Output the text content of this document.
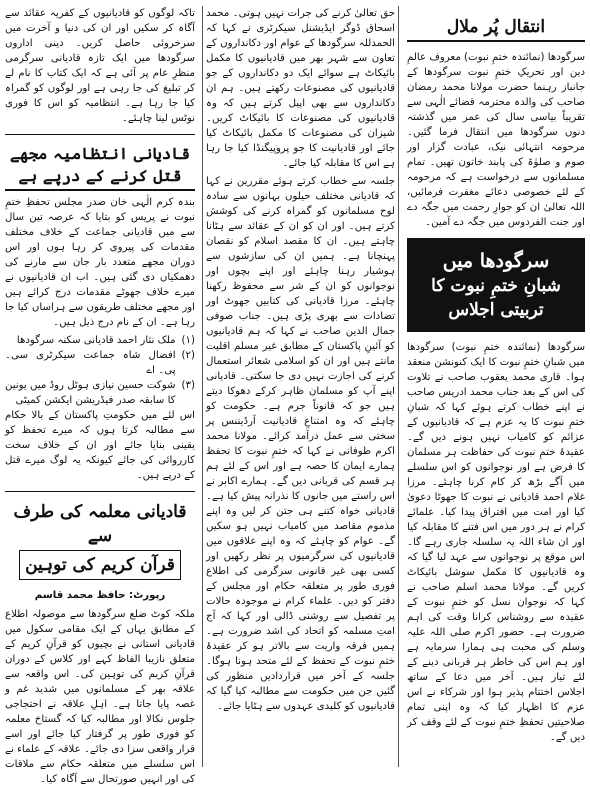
انتقال پُر ملال

سرگودھا (نمائندہ ختمِ نبوت) معروف عالمِ دین اور تحریکِ ختمِ نبوت سرگودھا کے جانباز رہنما حضرت مولانا محمد رمضان صاحب کی والدہ محترمہ قضائے الٰہی سے تقریباً بیاسی سال کی عمر میں گذشتہ دنوں سرگودھا میں انتقال فرما گئیں۔ مرحومہ انتہائی نیک، عبادت گزار اور صوم و صلوٰۃ کی پابند خاتون تھیں۔ تمام مسلمانوں سے درخواست ہے کہ مرحومہ کے لئے خصوصی دعائے مغفرت فرمائیں، اللہ تعالیٰ ان کو جوارِ رحمت میں جگہ دے اور جنت الفردوس میں جگہ دے آمین۔

سرگودھا میں
شبانِ ختمِ نبوت کا تربیتی اجلاس

سرگودھا (نمائندہ ختمِ نبوت) سرگودھا میں شبانِ ختمِ نبوت کا ایک کنونشن منعقد ہوا۔ قاری محمد یعقوب صاحب نے تلاوت کی اس کے بعد جناب محمد ادریس صاحب نے اپنے خطاب کرتے ہوئے کہا کہ شبانِ ختمِ نبوت کا یہ عزم ہے کہ قادیانیوں کے عزائم کو کامیاب نہیں ہونے دیں گے۔ عقیدۂ ختمِ نبوت کی حفاظت ہر مسلمان کا فرض ہے اور نوجوانوں کو اس سلسلے میں آگے بڑھ کر کام کرنا چاہئے۔ مرزا غلام احمد قادیانی نے نبوت کا جھوٹا دعویٰ کیا اور امت میں افتراق پیدا کیا۔ علمائے کرام نے ہر دور میں اس فتنے کا مقابلہ کیا اور ان شاء اللہ یہ سلسلہ جاری رہے گا۔ اس موقع پر نوجوانوں سے عہد لیا گیا کہ وہ قادیانیوں کا مکمل سوشل بائیکاٹ کریں گے۔ مولانا محمد اسلم صاحب نے کہا کہ نوجوان نسل کو ختمِ نبوت کے عقیدہ سے روشناس کرانا وقت کی اہم ضرورت ہے۔ حضور اکرم صلی اللہ علیہ وسلم کی محبت ہی ہمارا سرمایہ ہے اور ہم اس کی خاطر ہر قربانی دینے کے لئے تیار ہیں۔ آخر میں دعا کے ساتھ اجلاس اختتام پذیر ہوا اور شرکاء نے اس عزم کا اظہار کیا کہ وہ اپنی تمام صلاحیتیں تحفظِ ختمِ نبوت کے لئے وقف کر دیں گے۔

حق تعالیٰ کرنے کی جرات نہیں ہوتی۔ محمد اسحاق ڈوگر ایڈیشنل سیکرٹری نے کہا کہ الحمدللہ سرگودھا کے عوام اور دکانداروں کے تعاون سے شہر بھر میں قادیانیوں کا مکمل بائیکاٹ ہے سوائے ایک دو دکانداروں کے جو قادیانیوں کی مصنوعات رکھتے ہیں۔ ہم ان دکانداروں سے بھی اپیل کرتے ہیں کہ وہ قادیانیوں کی مصنوعات کا بائیکاٹ کریں۔ شیزان کی مصنوعات کا مکمل بائیکاٹ کیا جائے اور قادیانیت کا جو پروپیگنڈا کیا جا رہا ہے اس کا مقابلہ کیا جائے۔

جلسہ سے خطاب کرتے ہوئے مقررین نے کہا کہ قادیانی مختلف حیلوں بہانوں سے سادہ لوح مسلمانوں کو گمراہ کرنے کی کوشش کرتے ہیں۔ اور ان کو ان کے عقائد سے ہٹانا چاہتے ہیں۔ ان کا مقصد اسلام کو نقصان پہنچانا ہے۔ ہمیں ان کی سازشوں سے ہوشیار رہنا چاہئے اور اپنے بچوں اور نوجوانوں کو ان کے شر سے محفوظ رکھنا چاہئے۔ مرزا قادیانی کی کتابیں جھوٹ اور تضادات سے بھری پڑی ہیں۔ جناب صوفی جمال الدین صاحب نے کہا کہ ہم قادیانیوں کو آئینِ پاکستان کے مطابق غیر مسلم اقلیت مانتے ہیں اور ان کو اسلامی شعائر استعمال کرنے کی اجازت نہیں دی جا سکتی۔ قادیانی اپنے آپ کو مسلمان ظاہر کرکے دھوکا دیتے ہیں جو کہ قانوناً جرم ہے۔ حکومت کو چاہئے کہ وہ امتناعِ قادیانیت آرڈیننس پر سختی سے عمل درآمد کرائے۔ مولانا محمد اکرم طوفانی نے کہا کہ ختمِ نبوت کا تحفظ ہمارے ایمان کا حصہ ہے اور اس کے لئے ہم ہر قسم کی قربانی دیں گے۔ ہمارے اکابر نے اس راستے میں جانوں کا نذرانہ پیش کیا ہے۔ قادیانی خواہ کتنے ہی جتن کر لیں وہ اپنے مذموم مقاصد میں کامیاب نہیں ہو سکیں گے۔ عوام کو چاہئے کہ وہ اپنے علاقوں میں قادیانیوں کی سرگرمیوں پر نظر رکھیں اور کسی بھی غیر قانونی سرگرمی کی اطلاع فوری طور پر متعلقہ حکام اور مجلس کے دفتر کو دیں۔ علماء کرام نے موجودہ حالات پر تفصیل سے روشنی ڈالی اور کہا کہ آج امتِ مسلمہ کو اتحاد کی اشد ضرورت ہے۔ ہمیں فرقہ واریت سے بالاتر ہو کر عقیدۂ ختمِ نبوت کے تحفظ کے لئے متحد ہونا ہوگا۔ جلسہ کے آخر میں قراردادیں منظور کی گئیں جن میں حکومت سے مطالبہ کیا گیا کہ قادیانیوں کو کلیدی عہدوں سے ہٹایا جائے۔

تاکہ لوگوں کو قادیانیوں کے کفریہ عقائد سے آگاہ کر سکیں اور ان کی دنیا و آخرت میں سرخروئی حاصل کریں۔ دینی اداروں سرگودھا میں ایک تازہ قادیانی سرگرمی منظرِ عام پر آئی ہے کہ ایک کتاب کا نام لے کر تبلیغ کی جا رہی ہے اور لوگوں کو گمراہ کیا جا رہا ہے۔ انتظامیہ کو اس کا فوری نوٹس لینا چاہئے۔

قادیانی انتظامیہ مجھے قتل کرنے کے درپے ہے

بندہ کرم الٰہی خان صدر مجلس تحفظِ ختمِ نبوت نے پریس کو بتایا کہ عرصہ تین سال سے میں قادیانی جماعت کے خلاف مختلف مقدمات کی پیروی کر رہا ہوں اور اس دوران مجھے متعدد بار جان سے مارنے کی دھمکیاں دی گئی ہیں۔ اب ان قادیانیوں نے میرے خلاف جھوٹے مقدمات درج کرائے ہیں اور مجھے مختلف طریقوں سے ہراساں کیا جا رہا ہے۔ ان کے نام درج ذیل ہیں۔

(۱)
ملک نثار احمد قادیانی سکنہ سرگودھا
(۲)
افضال شاہ جماعت سیکرٹری سی۔ پی۔ اے
(۳)
شوکت حسین نیازی ہوٹل روڈ میں یونین کا سابقہ صدر فیڈریشن ایکشن کمیٹی

اس لئے میں حکومتِ پاکستان کے بالا حکام سے مطالبہ کرتا ہوں کہ میرے تحفظ کو یقینی بنایا جائے اور ان کے خلاف سخت کارروائی کی جائے کیونکہ یہ لوگ میرے قتل کے درپے ہیں۔

قادیانی معلمہ کی طرف سے
قرآن کریم کی توہین
رپورٹ: حافظ محمد قاسم

ملکہ کوٹ ضلع سرگودھا سے موصولہ اطلاع کے مطابق یہاں کے ایک مقامی سکول میں قادیانی استانی نے بچیوں کو قرآنِ کریم کے متعلق نازیبا الفاظ کہے اور کلاس کے دوران قرآنِ کریم کی توہین کی۔ اس واقعہ سے علاقہ بھر کے مسلمانوں میں شدید غم و غصہ پایا جاتا ہے۔ اہلِ علاقہ نے احتجاجی جلوس نکالا اور مطالبہ کیا کہ گستاخ معلمہ کو فوری طور پر گرفتار کیا جائے اور اسے قرار واقعی سزا دی جائے۔ علاقہ کے علماء نے اس سلسلے میں متعلقہ حکام سے ملاقات کی اور انہیں صورتحال سے آگاہ کیا۔
